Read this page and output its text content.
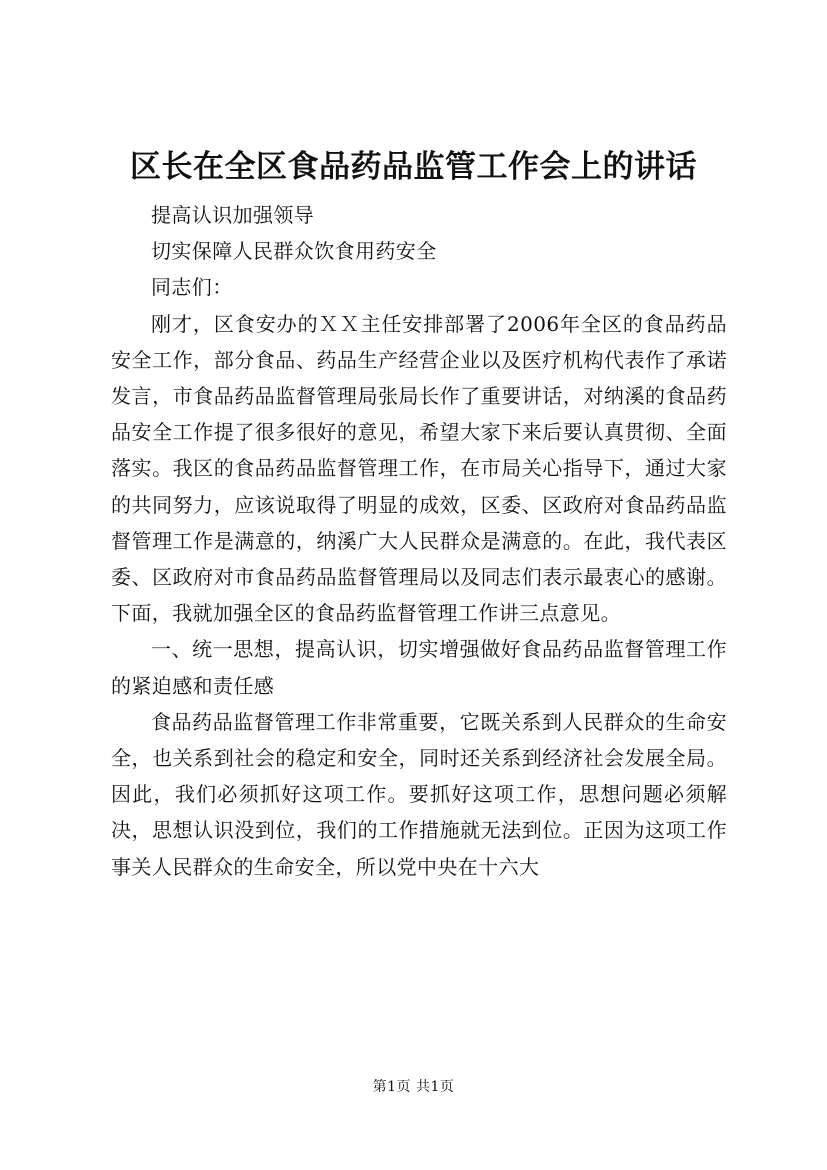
区长在全区食品药品监管工作会上的讲话

提高认识加强领导

切实保障人民群众饮食用药安全

同志们：

刚才，区食安办的ＸＸ主任安排部署了2006年全区的食品药品安全工作，部分食品、药品生产经营企业以及医疗机构代表作了承诺发言，市食品药品监督管理局张局长作了重要讲话，对纳溪的食品药品安全工作提了很多很好的意见，希望大家下来后要认真贯彻、全面落实。我区的食品药品监督管理工作，在市局关心指导下，通过大家的共同努力，应该说取得了明显的成效，区委、区政府对食品药品监督管理工作是满意的，纳溪广大人民群众是满意的。在此，我代表区委、区政府对市食品药品监督管理局以及同志们表示最衷心的感谢。下面，我就加强全区的食品药监督管理工作讲三点意见。

一、统一思想，提高认识，切实增强做好食品药品监督管理工作的紧迫感和责任感

食品药品监督管理工作非常重要，它既关系到人民群众的生命安全，也关系到社会的稳定和安全，同时还关系到经济社会发展全局。因此，我们必须抓好这项工作。要抓好这项工作，思想问题必须解决，思想认识没到位，我们的工作措施就无法到位。正因为这项工作事关人民群众的生命安全，所以党中央在十六大

第1页 共1页
